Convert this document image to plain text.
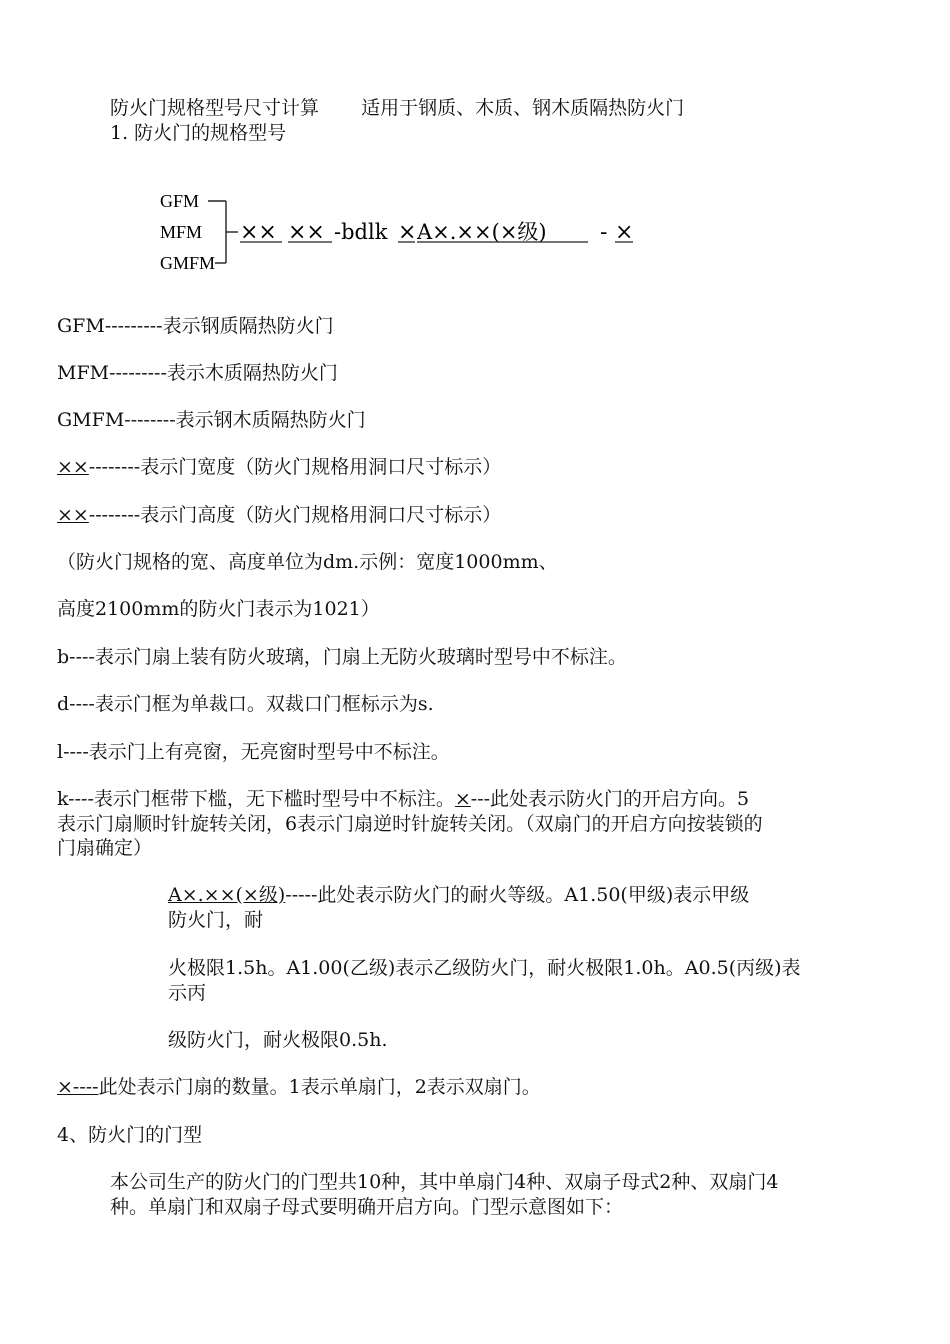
防火门规格型号尺寸计算 适用于钢质、木质、钢木质隔热防火门
1. 防火门的规格型号
GFM
MFM
GMFM
×× ×× -bdlk × A×.××(×级) - ×
GFM---------表示钢质隔热防火门
MFM---------表示木质隔热防火门
GMFM--------表示钢木质隔热防火门
××--------表示门宽度（防火门规格用洞口尺寸标示）
××--------表示门高度（防火门规格用洞口尺寸标示）
（防火门规格的宽、高度单位为dm.示例：宽度1000mm、
高度2100mm的防火门表示为1021）
b----表示门扇上装有防火玻璃，门扇上无防火玻璃时型号中不标注。
d----表示门框为单裁口。双裁口门框标示为s.
l----表示门上有亮窗，无亮窗时型号中不标注。
k----表示门框带下槛，无下槛时型号中不标注。×---此处表示防火门的开启方向。5
表示门扇顺时针旋转关闭，6表示门扇逆时针旋转关闭。（双扇门的开启方向按装锁的
门扇确定）
A×.××(×级)-----此处表示防火门的耐火等级。A1.50(甲级)表示甲级
防火门，耐
火极限1.5h。A1.00(乙级)表示乙级防火门，耐火极限1.0h。A0.5(丙级)表
示丙
级防火门，耐火极限0.5h.
×----此处表示门扇的数量。1表示单扇门，2表示双扇门。
4、防火门的门型
本公司生产的防火门的门型共10种，其中单扇门4种、双扇子母式2种、双扇门4
种。单扇门和双扇子母式要明确开启方向。门型示意图如下：
